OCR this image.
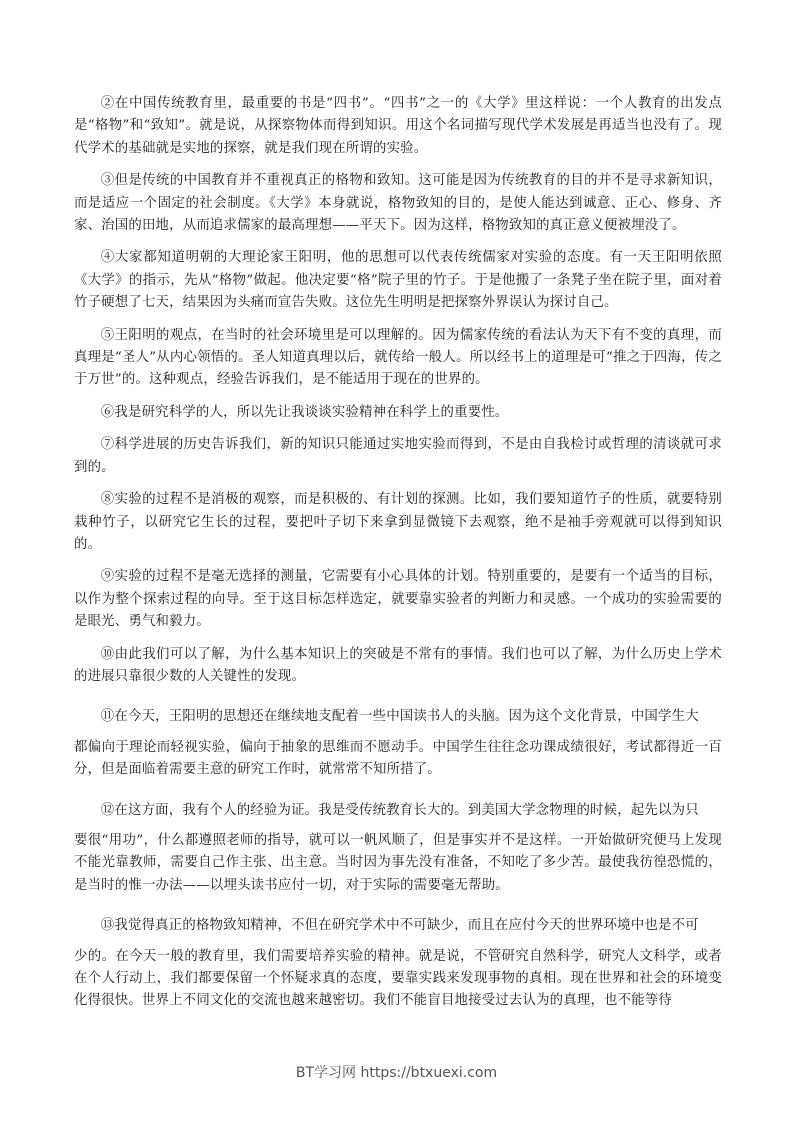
②在中国传统教育里，最重要的书是“四书”。“四书”之一的《大学》里这样说：一个人教育的出发点是“格物”和“致知”。就是说，从探察物体而得到知识。用这个名词描写现代学术发展是再适当也没有了。现代学术的基础就是实地的探察，就是我们现在所谓的实验。

③但是传统的中国教育并不重视真正的格物和致知。这可能是因为传统教育的目的并不是寻求新知识，而是适应一个固定的社会制度。《大学》本身就说，格物致知的目的，是使人能达到诚意、正心、修身、齐家、治国的田地，从而追求儒家的最高理想——平天下。因为这样，格物致知的真正意义便被埋没了。

④大家都知道明朝的大理论家王阳明，他的思想可以代表传统儒家对实验的态度。有一天王阳明依照《大学》的指示，先从“格物”做起。他决定要“格”院子里的竹子。于是他搬了一条凳子坐在院子里，面对着竹子硬想了七天，结果因为头痛而宣告失败。这位先生明明是把探察外界误认为探讨自己。

⑤王阳明的观点，在当时的社会环境里是可以理解的。因为儒家传统的看法认为天下有不变的真理，而真理是“圣人”从内心领悟的。圣人知道真理以后，就传给一般人。所以经书上的道理是可“推之于四海，传之于万世”的。这种观点，经验告诉我们，是不能适用于现在的世界的。

⑥我是研究科学的人，所以先让我谈谈实验精神在科学上的重要性。

⑦科学进展的历史告诉我们，新的知识只能通过实地实验而得到，不是由自我检讨或哲理的清谈就可求到的。

⑧实验的过程不是消极的观察，而是积极的、有计划的探测。比如，我们要知道竹子的性质，就要特别栽种竹子，以研究它生长的过程，要把叶子切下来拿到显微镜下去观察，绝不是袖手旁观就可以得到知识的。

⑨实验的过程不是毫无选择的测量，它需要有小心具体的计划。特别重要的，是要有一个适当的目标，以作为整个探索过程的向导。至于这目标怎样选定，就要靠实验者的判断力和灵感。一个成功的实验需要的是眼光、勇气和毅力。

⑩由此我们可以了解，为什么基本知识上的突破是不常有的事情。我们也可以了解，为什么历史上学术的进展只靠很少数的人关键性的发现。

⑪在今天，王阳明的思想还在继续地支配着一些中国读书人的头脑。因为这个文化背景，中国学生大
都偏向于理论而轻视实验，偏向于抽象的思维而不愿动手。中国学生往往念功课成绩很好，考试都得近一百分，但是面临着需要主意的研究工作时，就常常不知所措了。

⑫在这方面，我有个人的经验为证。我是受传统教育长大的。到美国大学念物理的时候，起先以为只
要很“用功”，什么都遵照老师的指导，就可以一帆风顺了，但是事实并不是这样。一开始做研究便马上发现不能光靠教师，需要自己作主张、出主意。当时因为事先没有准备，不知吃了多少苦。最使我彷徨恐慌的，是当时的惟一办法——以埋头读书应付一切，对于实际的需要毫无帮助。

⑬我觉得真正的格物致知精神，不但在研究学术中不可缺少，而且在应付今天的世界环境中也是不可
少的。在今天一般的教育里，我们需要培养实验的精神。就是说，不管研究自然科学，研究人文科学，或者在个人行动上，我们都要保留一个怀疑求真的态度，要靠实践来发现事物的真相。现在世界和社会的环境变化得很快。世界上不同文化的交流也越来越密切。我们不能盲目地接受过去认为的真理，也不能等待

BT学习网 https://btxuexi.com
